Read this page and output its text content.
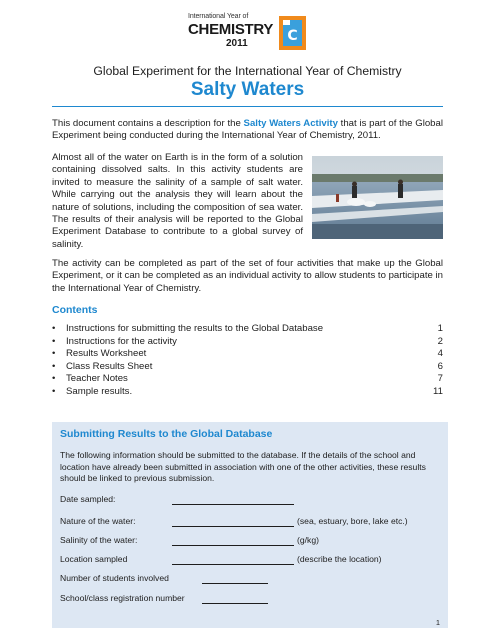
International Year of
CHEMISTRY
2011	C
Global Experiment for the International Year of Chemistry
Salty Waters
This document contains a description for the Salty Waters Activity that is part of the Global Experiment being conducted during the International Year of Chemistry, 2011.
Almost all of the water on Earth is in the form of a solution containing dissolved salts. In this activity students are invited to measure the salinity of a sample of salt water. While carrying out the analysis they will learn about the nature of solutions, including the composition of sea water. The results of their analysis will be reported to the Global Experiment Database to contribute to a global survey of salinity.
The activity can be completed as part of the set of four activities that make up the Global Experiment, or it can be completed as an individual activity to allow students to participate in the International Year of Chemistry.
Contents
• Instructions for submitting the results to the Global Database	1
• Instructions for the activity	2
• Results Worksheet	4
• Class Results Sheet	6
• Teacher Notes	7
• Sample results.	11
Submitting Results to the Global Database
The following information should be submitted to the database. If the details of the school and location have already been submitted in association with one of the other activities, these results should be linked to previous submission.
Date sampled:
Nature of the water:	(sea, estuary, bore, lake etc.)
Salinity of the water:	(g/kg)
Location sampled	(describe the location)
Number of students involved
School/class registration number
1
